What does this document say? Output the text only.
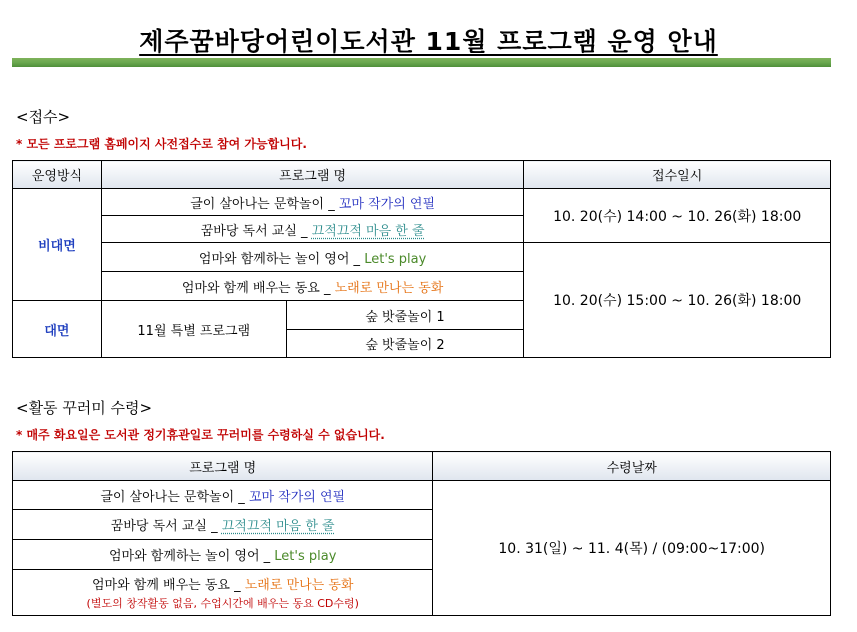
제주꿈바당어린이도서관 11월 프로그램 운영 안내
<접수>
* 모든 프로그램 홈페이지 사전접수로 참여 가능합니다.
운영방식	프로그램 명		접수일시
비대면	글이 살아나는 문학놀이 _ 꼬마 작가의 연필		10. 20(수) 14:00 ~ 10. 26(화) 18:00
	꿈바당 독서 교실 _ 끄적끄적 마음 한 줄		
	엄마와 함께하는 놀이 영어 _ Let's play		10. 20(수) 15:00 ~ 10. 26(화) 18:00
	엄마와 함께 배우는 동요 _ 노래로 만나는 동화		
대면	11월 특별 프로그램	숲 밧줄놀이 1	
		숲 밧줄놀이 2	
<활동 꾸러미 수령>
* 매주 화요일은 도서관 정기휴관일로 꾸러미를 수령하실 수 없습니다.
프로그램 명	수령날짜
글이 살아나는 문학놀이 _ 꼬마 작가의 연필	10. 31(일) ~ 11. 4(목) / (09:00~17:00)
꿈바당 독서 교실 _ 끄적끄적 마음 한 줄	
엄마와 함께하는 놀이 영어 _ Let's play	
엄마와 함께 배우는 동요 _ 노래로 만나는 동화
(별도의 창작활동 없음, 수업시간에 배우는 동요 CD수령)	
